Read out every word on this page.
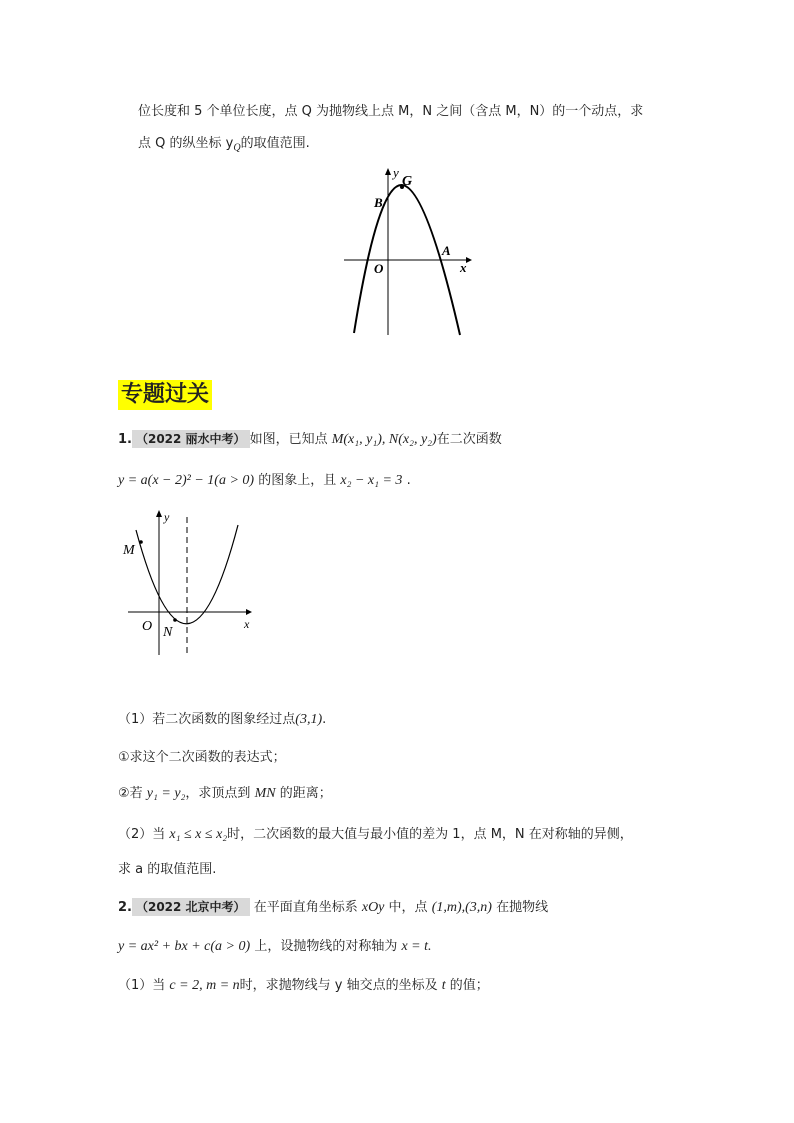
位长度和 5 个单位长度，点 Q 为抛物线上点 M，N 之间（含点 M，N）的一个动点，求
点 Q 的纵坐标 $y_Q$的取值范围.
y
G
B
A
O	x
专题过关
1. （2022 丽水中考） 如图，已知点 M(x₁, y₁), N(x₂, y₂)在二次函数
y = a(x − 2)² − 1(a > 0) 的图象上，且 x₂ − x₁ = 3 .
y
M
O N
x
（1）若二次函数的图象经过点(3,1).
①求这个二次函数的表达式；
②若 y₁ = y₂，求顶点到 MN 的距离；
（2）当 x₁ ≤ x ≤ x₂时，二次函数的最大值与最小值的差为 1，点 M，N 在对称轴的异侧，
求 a 的取值范围.
2. （2022 北京中考） 在平面直角坐标系 xOy 中，点 (1,m),(3,n) 在抛物线
y = ax² + bx + c(a > 0) 上，设抛物线的对称轴为 x = t.
（1）当 c = 2, m = n时，求抛物线与 y 轴交点的坐标及 t 的值；
